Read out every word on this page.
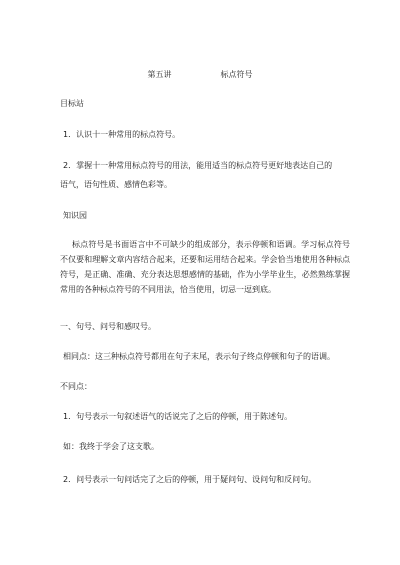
第五讲	标点符号
目标站
1．认识十一种常用的标点符号。
2．掌握十一种常用标点符号的用法，能用适当的标点符号更好地表达自己的
语气，语句性质、感情色彩等。
知识园
标点符号是书面语言中不可缺少的组成部分，表示停顿和语调。学习标点符号不仅要和理解文章内容结合起来，还要和运用结合起来。学会恰当地使用各种标点符号，是正确、准确、充分表达思想感情的基础，作为小学毕业生，必然熟练掌握常用的各种标点符号的不同用法，恰当使用，切忌一逗到底。
一、句号、问号和感叹号。
相同点：这三种标点符号都用在句子末尾，表示句子终点停顿和句子的语调。
不同点：
1．句号表示一句叙述语气的话说完了之后的停顿，用于陈述句。
如：我终于学会了这支歌。
2．问号表示一句问话完了之后的停顿，用于疑问句、设问句和反问句。
